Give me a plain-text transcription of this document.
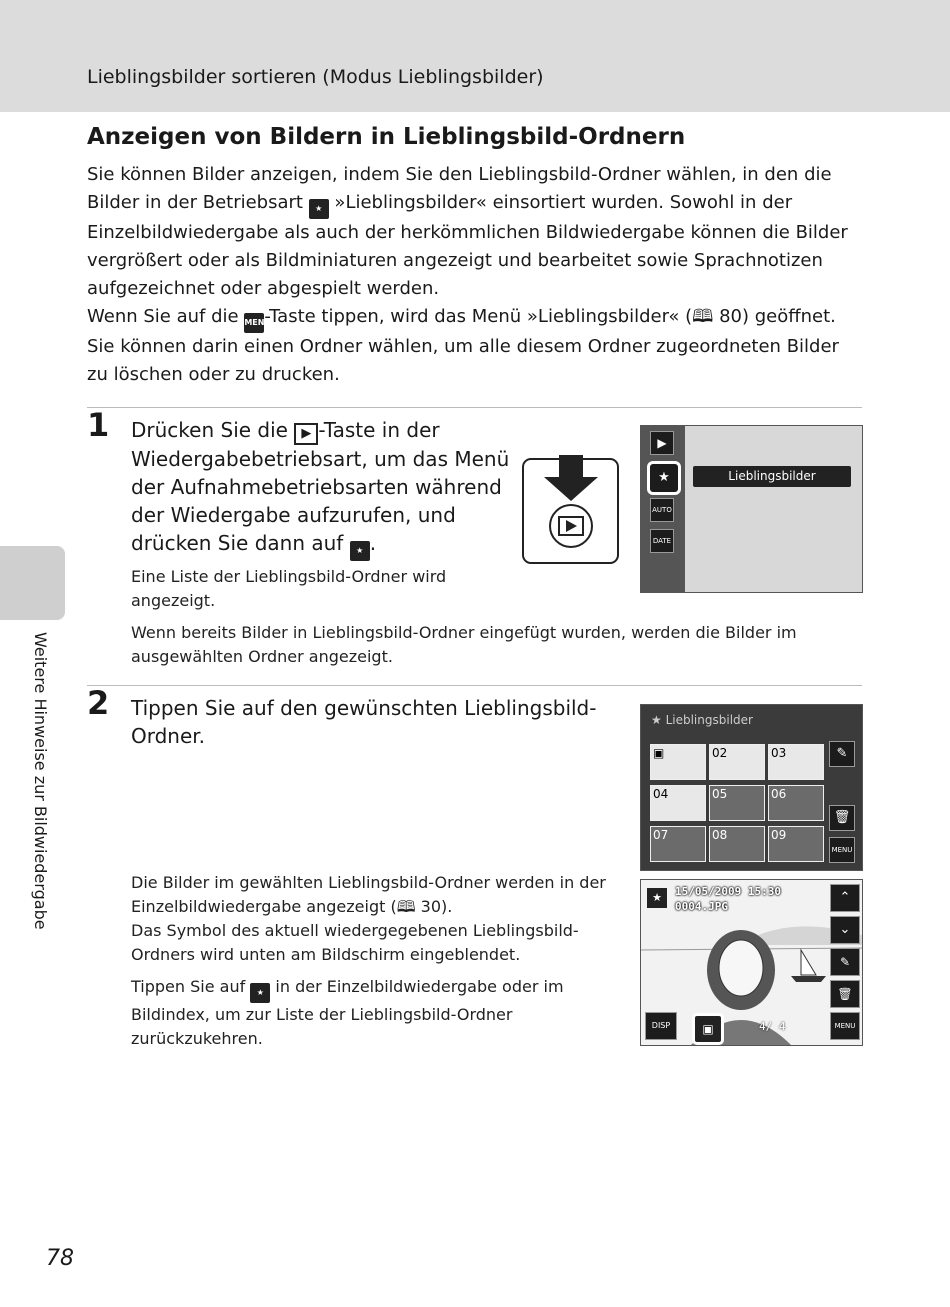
Lieblingsbilder sortieren (Modus Lieblingsbilder)
Weitere Hinweise zur Bildwiedergabe
Anzeigen von Bildern in Lieblingsbild-Ordnern

Sie können Bilder anzeigen, indem Sie den Lieblingsbild-Ordner wählen, in den die Bilder in der Betriebsart ★ »Lieblingsbilder« einsortiert wurden. Sowohl in der Einzelbildwiedergabe als auch der herkömmlichen Bildwiedergabe können die Bilder vergrößert oder als Bildminiaturen angezeigt und bearbeitet sowie Sprachnotizen aufgezeichnet oder abgespielt werden.

Wenn Sie auf die MENU-Taste tippen, wird das Menü »Lieblingsbilder« (🕮 80) geöffnet. Sie können darin einen Ordner wählen, um alle diesem Ordner zugeordneten Bilder zu löschen oder zu drucken.

1 Drücken Sie die ▶ -Taste in der Wiedergabebetriebsart, um das Menü der Aufnahmebetriebsarten während der Wiedergabe aufzurufen, und drücken Sie dann auf ★ .

Eine Liste der Lieblingsbild-Ordner wird angezeigt.

Wenn bereits Bilder in Lieblingsbild-Ordner eingefügt wurden, werden die Bilder im ausgewählten Ordner angezeigt.

▶
★
AUTO
DATE
Lieblingsbilder
2 Tippen Sie auf den gewünschten Lieblingsbild-Ordner.

Die Bilder im gewählten Lieblingsbild-Ordner werden in der Einzelbildwiedergabe angezeigt (🕮 30).

Das Symbol des aktuell wiedergegebenen Lieblingsbild-Ordners wird unten am Bildschirm eingeblendet.

Tippen Sie auf ★ in der Einzelbildwiedergabe oder im Bildindex, um zur Liste der Lieblingsbild-Ordner zurückzukehren.

★ Lieblingsbilder
▣	02	03
04	05	06
07	08	09
✎
🗑
MENU
★	15/05/2009 15:30
0004.JPG
⌃
⌄
✎
🗑
MENU
DISP	▣	4/ 4
78
